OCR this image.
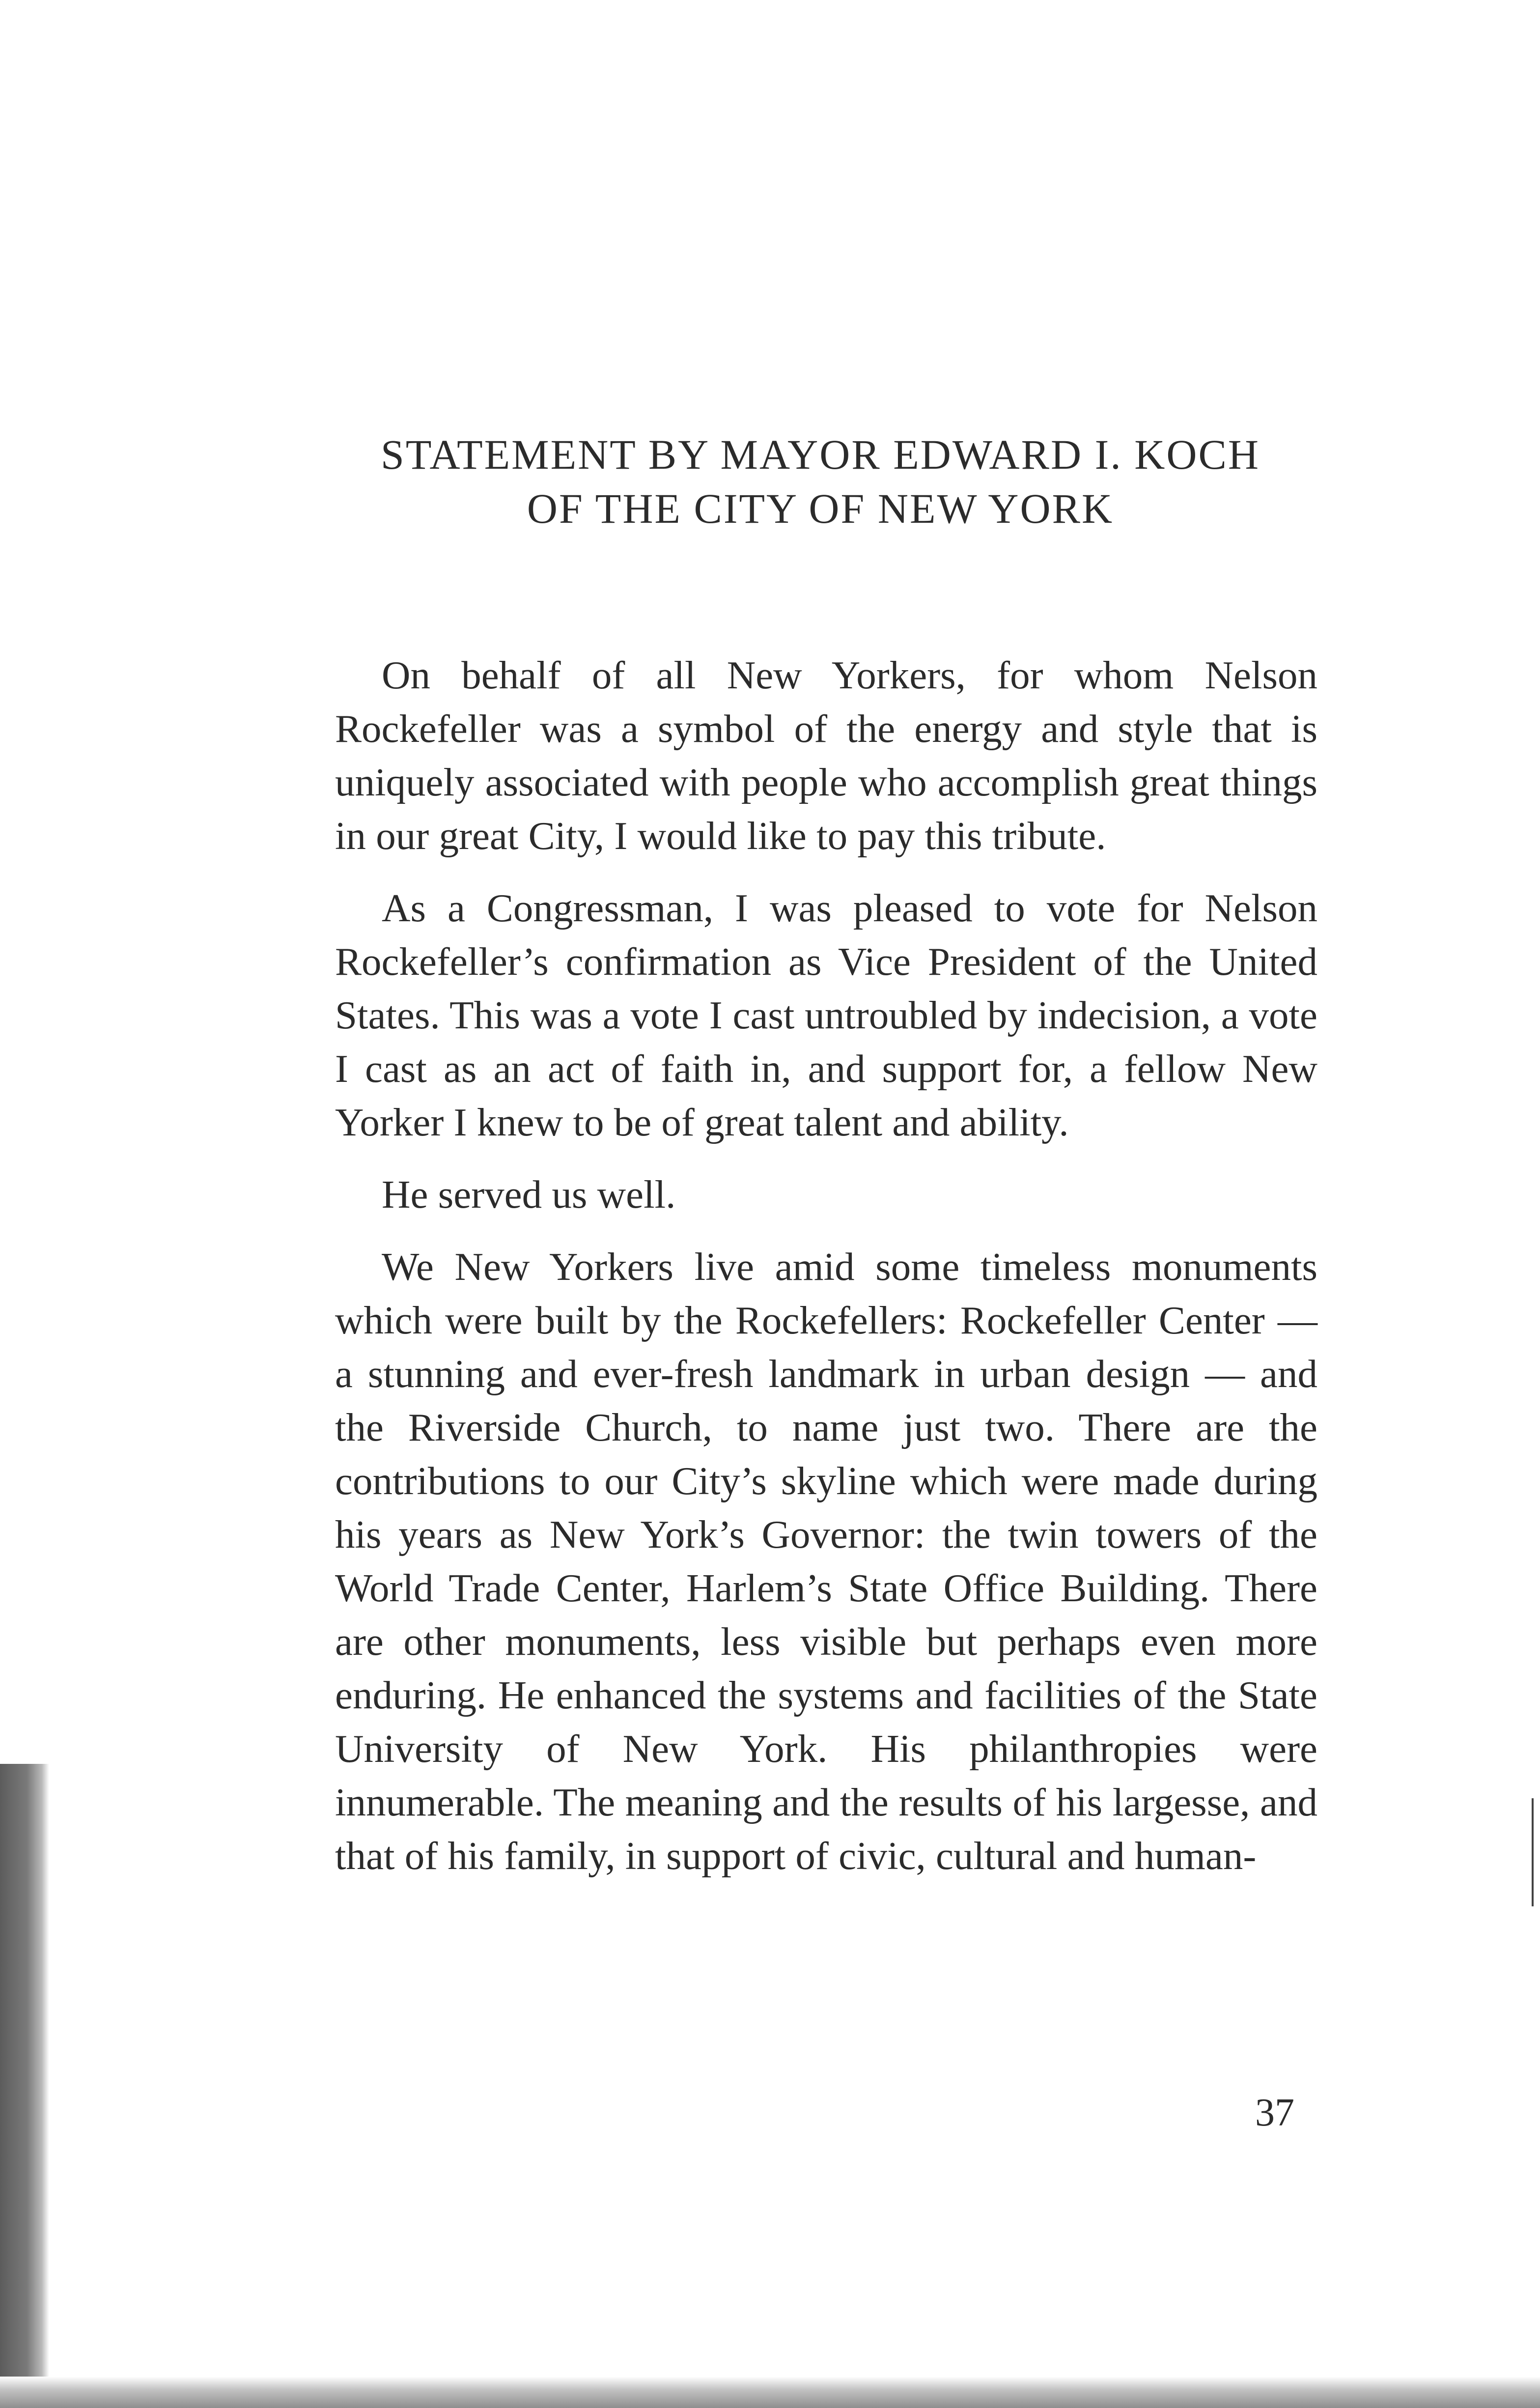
STATEMENT BY MAYOR EDWARD I. KOCH
OF THE CITY OF NEW YORK

On behalf of all New Yorkers, for whom Nelson Rockefeller was a symbol of the energy and style that is uniquely associated with people who accomplish great things in our great City, I would like to pay this tribute.

As a Congressman, I was pleased to vote for Nelson Rockefeller’s confirmation as Vice President of the United States. This was a vote I cast untroubled by indecision, a vote I cast as an act of faith in, and support for, a fellow New Yorker I knew to be of great talent and ability.

He served us well.

We New Yorkers live amid some timeless monuments which were built by the Rockefellers: Rockefeller Center — a stunning and ever-fresh landmark in urban design — and the Riverside Church, to name just two. There are the contributions to our City’s skyline which were made during his years as New York’s Governor: the twin towers of the World Trade Center, Harlem’s State Office Building. There are other monuments, less visible but perhaps even more enduring. He enhanced the systems and facilities of the State University of New York. His philanthropies were innumerable. The meaning and the results of his largesse, and that of his family, in support of civic, cultural and human-

37
